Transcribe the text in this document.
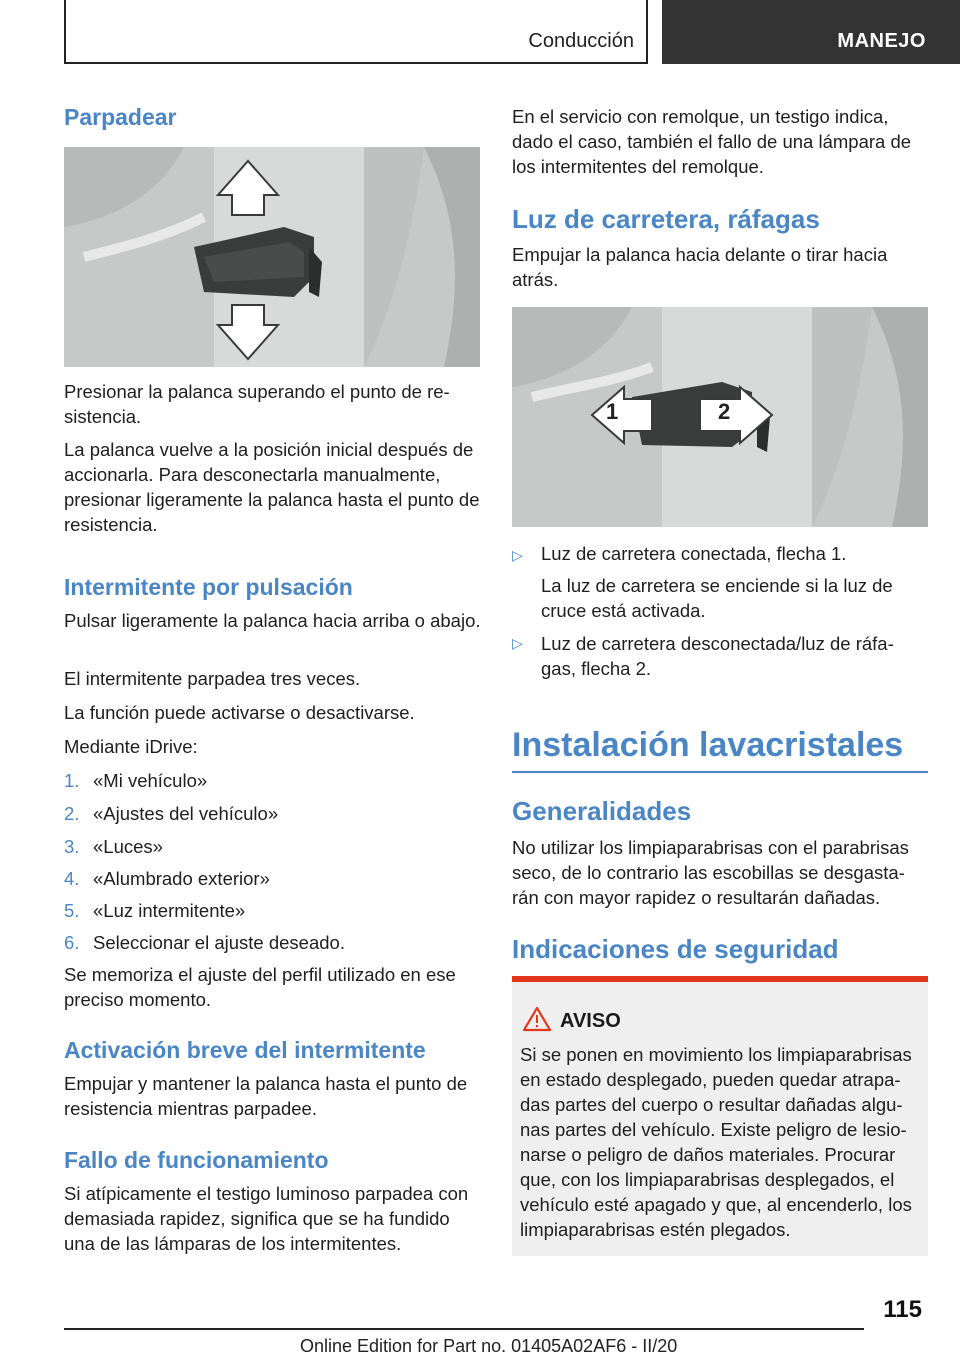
Conducción	MANEJO
Parpadear

Presionar la palanca superando el punto de re‐sistencia.

La palanca vuelve a la posición inicial después de accionarla. Para desconectarla manualmente, presionar ligeramente la palanca hasta el punto de resistencia.

Intermitente por pulsación

Pulsar ligeramente la palanca hacia arriba o abajo.

El intermitente parpadea tres veces.

La función puede activarse o desactivarse.

Mediante iDrive:

1. «Mi vehículo»

2. «Ajustes del vehículo»

3. «Luces»

4. «Alumbrado exterior»

5. «Luz intermitente»

6. Seleccionar el ajuste deseado.

Se memoriza el ajuste del perfil utilizado en ese preciso momento.

Activación breve del intermitente

Empujar y mantener la palanca hasta el punto de resistencia mientras parpadee.

Fallo de funcionamiento

Si atípicamente el testigo luminoso parpadea con demasiada rapidez, significa que se ha fundido una de las lámparas de los intermitentes.

En el servicio con remolque, un testigo indica, dado el caso, también el fallo de una lámpara de los intermitentes del remolque.

Luz de carretera, ráfagas

Empujar la palanca hacia delante o tirar hacia atrás.

1	2

▷ Luz de carretera conectada, flecha 1.

La luz de carretera se enciende si la luz de cruce está activada.

▷ Luz de carretera desconectada/luz de ráfa‐gas, flecha 2.

Instalación lavacristales
Generalidades

No utilizar los limpiaparabrisas con el parabrisas seco, de lo contrario las escobillas se desgasta‐rán con mayor rapidez o resultarán dañadas.

Indicaciones de seguridad
AVISO
Si se ponen en movimiento los limpiaparabrisas en estado desplegado, pueden quedar atrapa‐das partes del cuerpo o resultar dañadas algu‐nas partes del vehículo. Existe peligro de lesio‐narse o peligro de daños materiales. Procurar que, con los limpiaparabrisas desplegados, el vehículo esté apagado y que, al encenderlo, los limpiaparabrisas estén plegados.
115
Online Edition for Part no. 01405A02AF6 - II/20
